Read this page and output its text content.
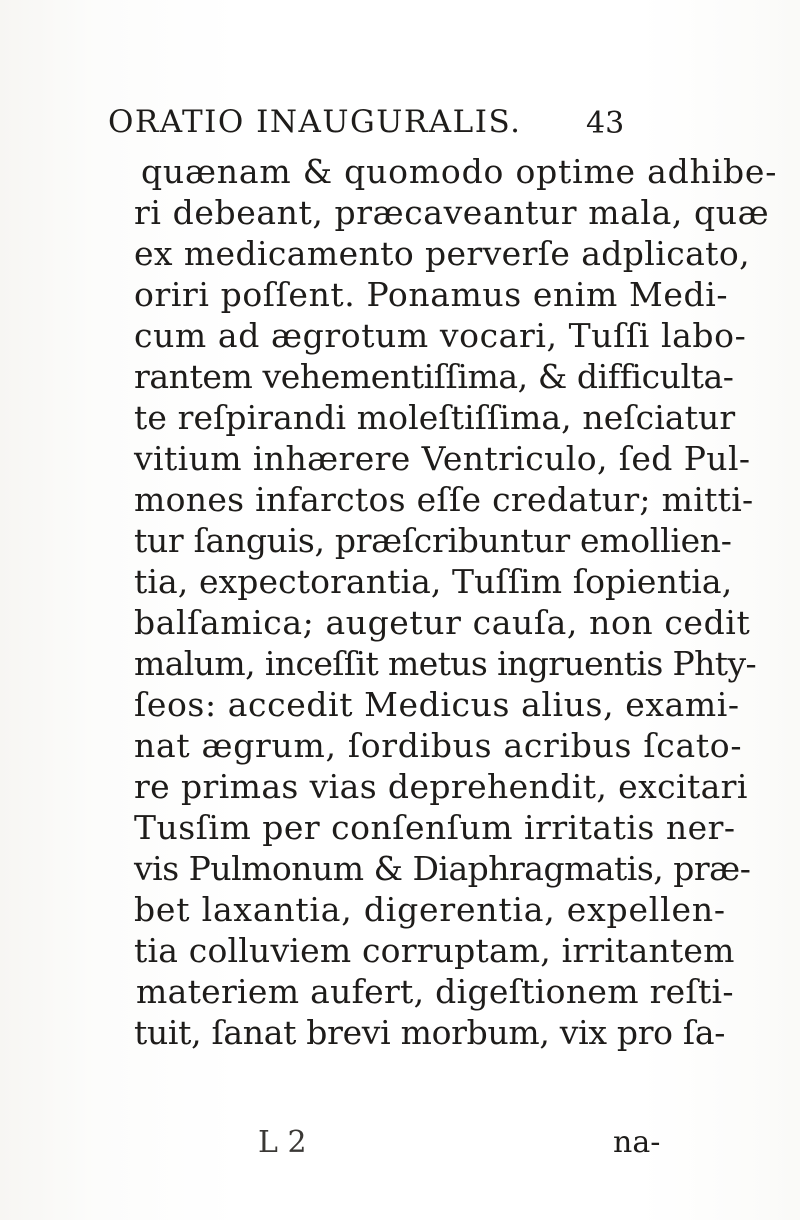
ORATIO INAUGURALIS. 43
quænam & quomodo optime adhibe-
ri debeant, præcaveantur mala, quæ
ex medicamento perverſe adplicato,
oriri poſſent. Ponamus enim Medi-
cum ad ægrotum vocari, Tuſſi labo-
rantem vehementiſſima, & difficulta-
te reſpirandi moleſtiſſima, neſciatur
vitium inhærere Ventriculo, ſed Pul-
mones infarctos eſſe credatur; mitti-
tur ſanguis, præſcribuntur emollien-
tia, expectorantia, Tuſſim ſopientia,
balſamica; augetur cauſa, non cedit
malum, inceſſit metus ingruentis Phty-
ſeos: accedit Medicus alius, exami-
nat ægrum, ſordibus acribus ſcato-
re primas vias deprehendit, excitari
Tusſim per conſenſum irritatis ner-
vis Pulmonum & Diaphragmatis, præ-
bet laxantia, digerentia, expellen-
tia colluviem corruptam, irritantem
materiem aufert, digeſtionem reſti-
tuit, ſanat brevi morbum, vix pro ſa-
L 2	na-
